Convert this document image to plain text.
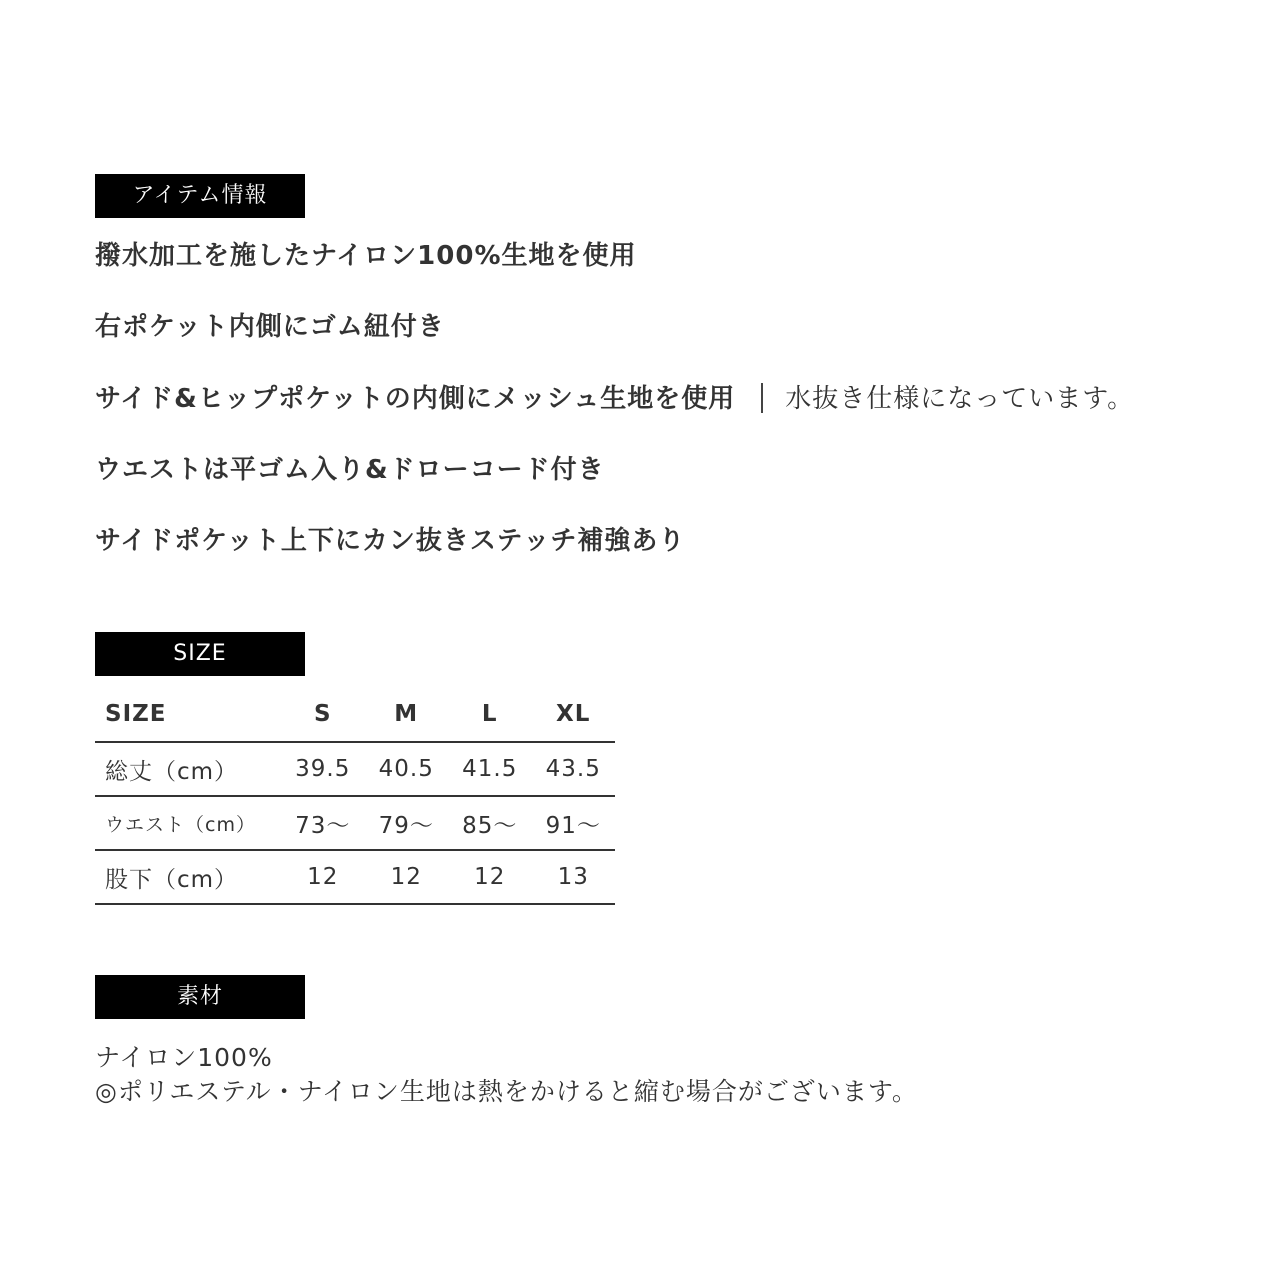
アイテム情報
撥水加工を施したナイロン100%生地を使用
右ポケット内側にゴム紐付き
サイド&ヒップポケットの内側にメッシュ生地を使用 水抜き仕様になっています。
ウエストは平ゴム入り&ドローコード付き
サイドポケット上下にカン抜きステッチ補強あり
SIZE
SIZE	S	M	L	XL
総丈（cm）	39.5	40.5	41.5	43.5
ウエスト（cm）	73〜	79〜	85〜	91〜
股下（cm）	12	12	12	13
素材
ナイロン100%
◎ポリエステル・ナイロン生地は熱をかけると縮む場合がございます。
